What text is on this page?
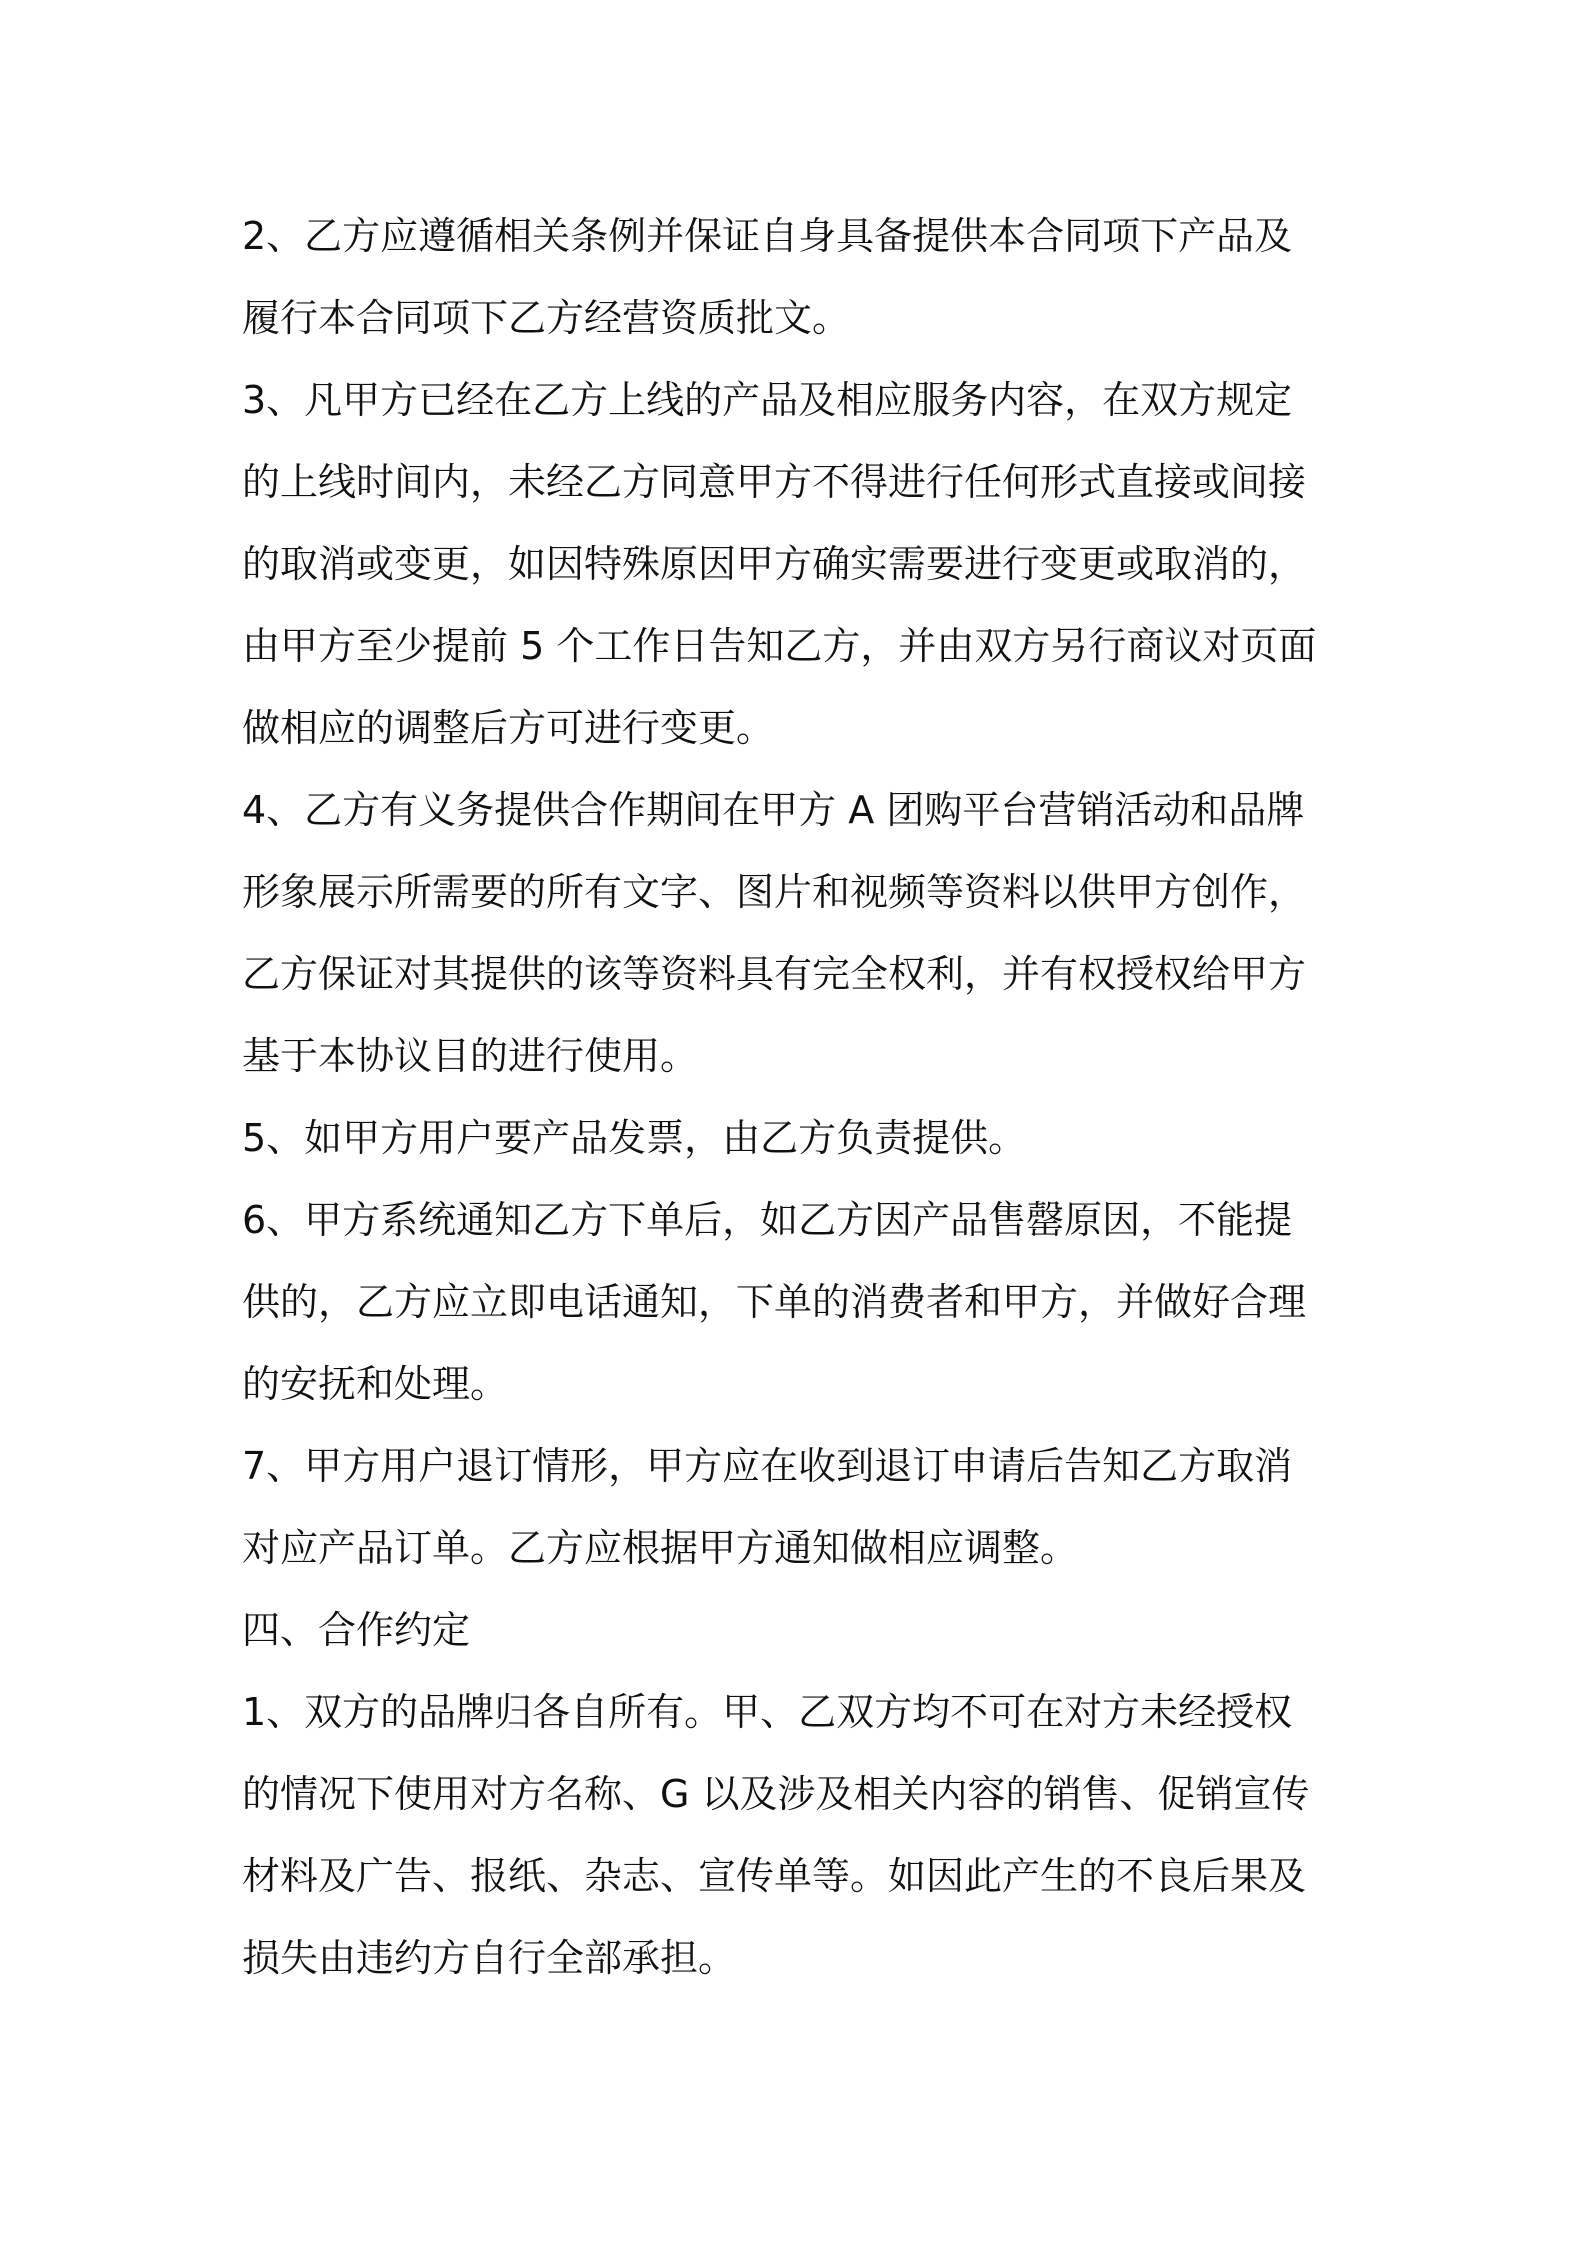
2、乙方应遵循相关条例并保证自身具备提供本合同项下产品及
履行本合同项下乙方经营资质批文。
3、凡甲方已经在乙方上线的产品及相应服务内容，在双方规定
的上线时间内，未经乙方同意甲方不得进行任何形式直接或间接
的取消或变更，如因特殊原因甲方确实需要进行变更或取消的，
由甲方至少提前 5 个工作日告知乙方，并由双方另行商议对页面
做相应的调整后方可进行变更。
4、乙方有义务提供合作期间在甲方 A 团购平台营销活动和品牌
形象展示所需要的所有文字、图片和视频等资料以供甲方创作，
乙方保证对其提供的该等资料具有完全权利，并有权授权给甲方
基于本协议目的进行使用。
5、如甲方用户要产品发票，由乙方负责提供。
6、甲方系统通知乙方下单后，如乙方因产品售罄原因，不能提
供的，乙方应立即电话通知，下单的消费者和甲方，并做好合理
的安抚和处理。
7、甲方用户退订情形，甲方应在收到退订申请后告知乙方取消
对应产品订单。乙方应根据甲方通知做相应调整。
四、合作约定
1、双方的品牌归各自所有。甲、乙双方均不可在对方未经授权
的情况下使用对方名称、G 以及涉及相关内容的销售、促销宣传
材料及广告、报纸、杂志、宣传单等。如因此产生的不良后果及
损失由违约方自行全部承担。
